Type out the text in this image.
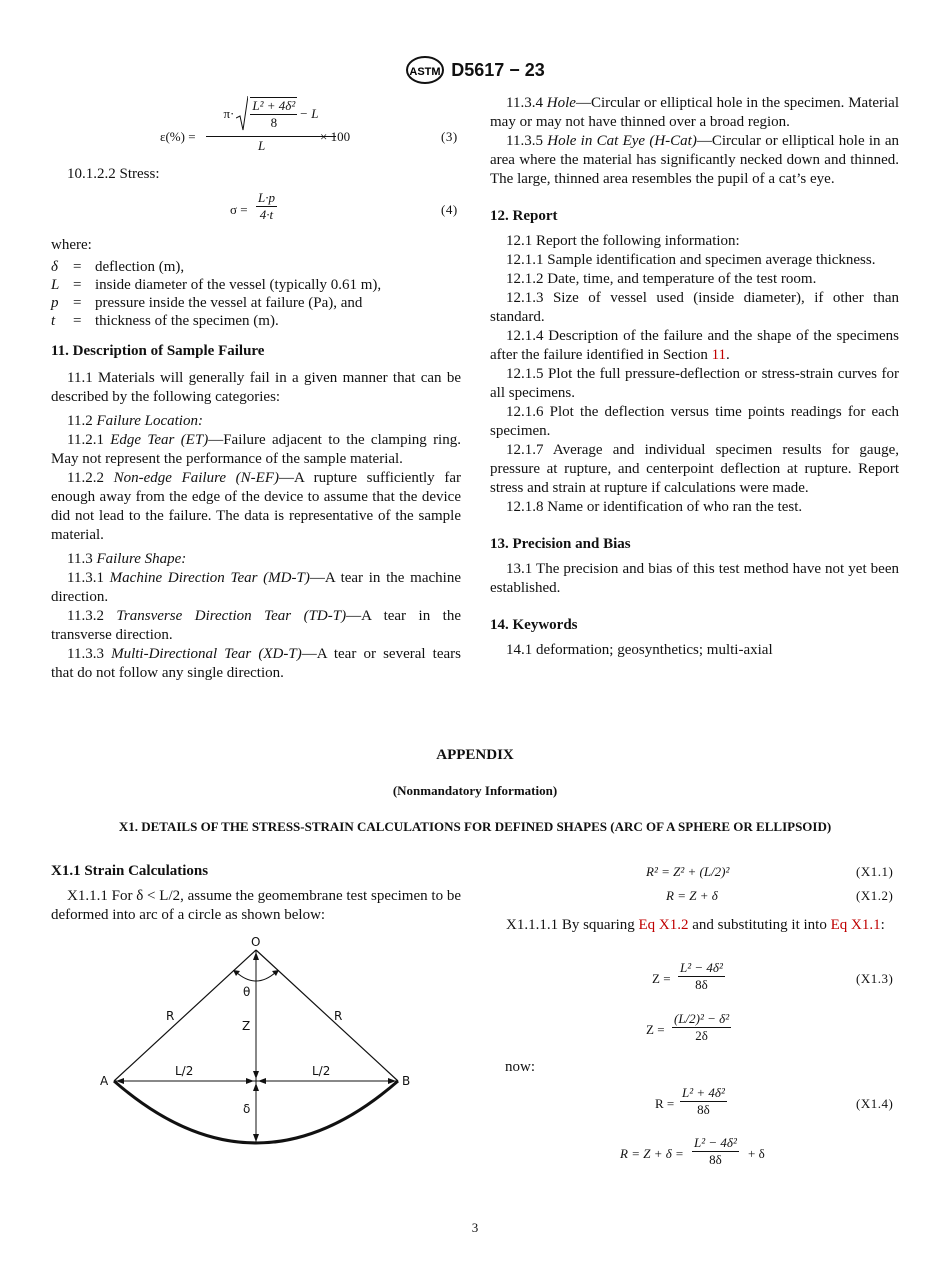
ASTM D5617 − 23
ε(%) =
$\pi\cdot \frac{\text{L² + 4δ²}}{8} - L$
L
× 100	(3)

10.1.2.2 Stress:

$\sigma = \frac{L\cdot p}{4\cdot t}$	(4)

where:

δ	=	deflection (m),
L	=	inside diameter of the vessel (typically 0.61 m),
p	=	pressure inside the vessel at failure (Pa), and
t	=	thickness of the specimen (m).

11. Description of Sample Failure

11.1 Materials will generally fail in a given manner that can be described by the following categories:

11.2 Failure Location:

11.2.1 Edge Tear (ET)—Failure adjacent to the clamping ring. May not represent the performance of the sample material.

11.2.2 Non-edge Failure (N-EF)—A rupture sufficiently far enough away from the edge of the device to assume that the device did not lead to the failure. The data is representative of the sample material.

11.3 Failure Shape:

11.3.1 Machine Direction Tear (MD-T)—A tear in the machine direction.

11.3.2 Transverse Direction Tear (TD-T)—A tear in the transverse direction.

11.3.3 Multi-Directional Tear (XD-T)—A tear or several tears that do not follow any single direction.

11.3.4 Hole—Circular or elliptical hole in the specimen. Material may or may not have thinned over a broad region.

11.3.5 Hole in Cat Eye (H-Cat)—Circular or elliptical hole in an area where the material has significantly necked down and thinned. The large, thinned area resembles the pupil of a cat’s eye.

12. Report

12.1 Report the following information:

12.1.1 Sample identification and specimen average thickness.

12.1.2 Date, time, and temperature of the test room.

12.1.3 Size of vessel used (inside diameter), if other than standard.

12.1.4 Description of the failure and the shape of the specimens after the failure identified in Section 11.

12.1.5 Plot the full pressure-deflection or stress-strain curves for all specimens.

12.1.6 Plot the deflection versus time points readings for each specimen.

12.1.7 Average and individual specimen results for gauge, pressure at rupture, and centerpoint deflection at rupture. Report stress and strain at rupture if calculations were made.

12.1.8 Name or identification of who ran the test.

13. Precision and Bias

13.1 The precision and bias of this test method have not yet been established.

14. Keywords

14.1 deformation; geosynthetics; multi-axial

APPENDIX
(Nonmandatory Information)
X1. DETAILS OF THE STRESS-STRAIN CALCULATIONS FOR DEFINED SHAPES (ARC OF A SPHERE OR ELLIPSOID)

X1.1 Strain Calculations

X1.1.1 For δ < L/2, assume the geomembrane test specimen to be deformed into arc of a circle as shown below:

O
θ
R	R
Z
A	B
L/2	L/2
δ
R² = Z² + (L/2)²	(X1.1)
R = Z + δ	(X1.2)

X1.1.1.1 By squaring Eq X1.2 and substituting it into Eq X1.1:

$Z = \frac{\text{L² − 4δ²}}{8\delta}$	(X1.3)
$Z = \frac{\text{(L/2)² − δ²}}{2\delta}$

now:

$R = \frac{\text{L² + 4δ²}}{8\delta}$	(X1.4)
$R = Z + \delta = \frac{\text{L² − 4δ²}}{8\delta} + \delta$
3
